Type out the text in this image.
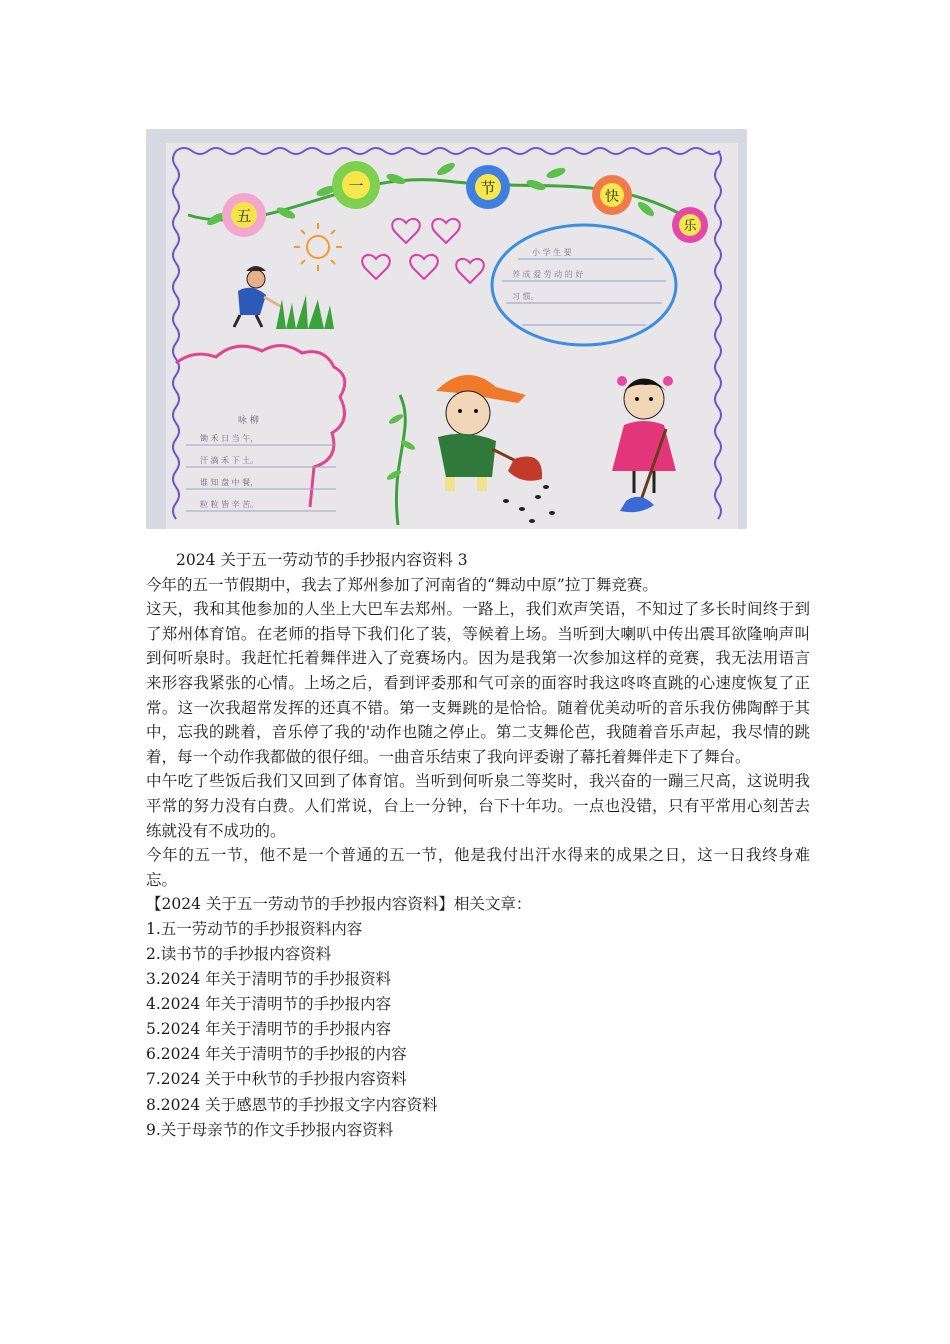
五
一	节	快
乐
小 学 生 要
养 成 爱 劳 动 的 好
习 惯。
咏 柳
锄 禾 日 当 午，
汗 滴 禾 下 土。
谁 知 盘 中 餐，
粒 粒 皆 辛 苦。

2024 关于五一劳动节的手抄报内容资料 3

今年的五一节假期中，我去了郑州参加了河南省的“舞动中原”拉丁舞竞赛。

这天，我和其他参加的人坐上大巴车去郑州。一路上，我们欢声笑语，不知过了多长时间终于到了郑州体育馆。在老师的指导下我们化了装，等候着上场。当听到大喇叭中传出震耳欲隆响声叫到何听泉时。我赶忙托着舞伴进入了竞赛场内。因为是我第一次参加这样的竞赛，我无法用语言来形容我紧张的心情。上场之后，看到评委那和气可亲的面容时我这咚咚直跳的心速度恢复了正常。这一次我超常发挥的还真不错。第一支舞跳的是恰恰。随着优美动听的音乐我仿佛陶醉于其中，忘我的跳着，音乐停了我的'动作也随之停止。第二支舞伦芭，我随着音乐声起，我尽情的跳着，每一个动作我都做的很仔细。一曲音乐结束了我向评委谢了幕托着舞伴走下了舞台。

中午吃了些饭后我们又回到了体育馆。当听到何听泉二等奖时，我兴奋的一蹦三尺高，这说明我平常的努力没有白费。人们常说，台上一分钟，台下十年功。一点也没错，只有平常用心刻苦去练就没有不成功的。

今年的五一节，他不是一个普通的五一节，他是我付出汗水得来的成果之日，这一日我终身难忘。

【2024 关于五一劳动节的手抄报内容资料】相关文章：

1.五一劳动节的手抄报资料内容
2.读书节的手抄报内容资料
3.2024 年关于清明节的手抄报资料
4.2024 年关于清明节的手抄报内容
5.2024 年关于清明节的手抄报内容
6.2024 年关于清明节的手抄报的内容
7.2024 关于中秋节的手抄报内容资料
8.2024 关于感恩节的手抄报文字内容资料
9.关于母亲节的作文手抄报内容资料
